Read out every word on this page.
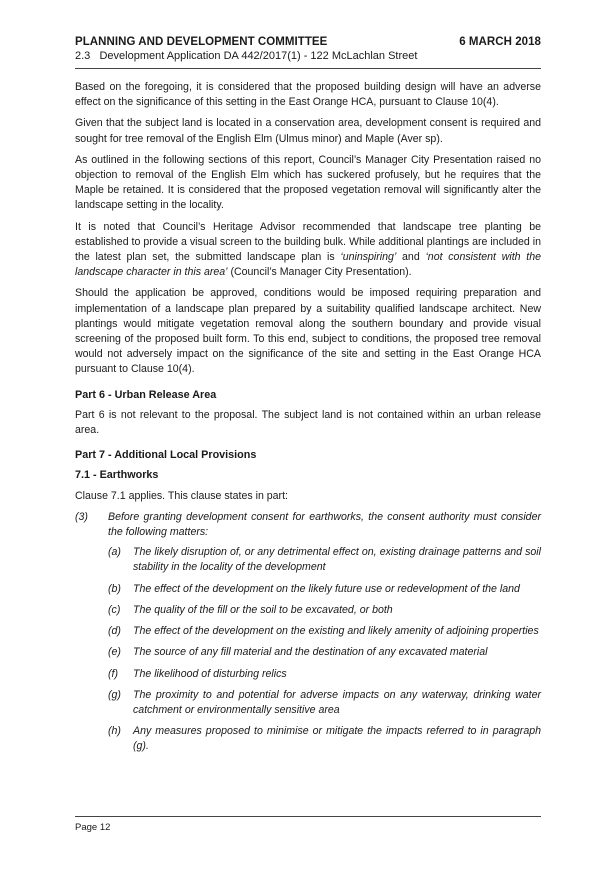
PLANNING AND DEVELOPMENT COMMITTEE	6 MARCH 2018
2.3   Development Application DA 442/2017(1) - 122 McLachlan Street

Based on the foregoing, it is considered that the proposed building design will have an adverse effect on the significance of this setting in the East Orange HCA, pursuant to Clause 10(4).

Given that the subject land is located in a conservation area, development consent is required and sought for tree removal of the English Elm (Ulmus minor) and Maple (Aver sp).

As outlined in the following sections of this report, Council’s Manager City Presentation raised no objection to removal of the English Elm which has suckered profusely, but he requires that the Maple be retained. It is considered that the proposed vegetation removal will significantly alter the landscape setting in the locality.

It is noted that Council’s Heritage Advisor recommended that landscape tree planting be established to provide a visual screen to the building bulk. While additional plantings are included in the latest plan set, the submitted landscape plan is ‘uninspiring’ and ‘not consistent with the landscape character in this area’ (Council’s Manager City Presentation).

Should the application be approved, conditions would be imposed requiring preparation and implementation of a landscape plan prepared by a suitability qualified landscape architect. New plantings would mitigate vegetation removal along the southern boundary and provide visual screening of the proposed built form. To this end, subject to conditions, the proposed tree removal would not adversely impact on the significance of the site and setting in the East Orange HCA pursuant to Clause 10(4).

Part 6 - Urban Release Area

Part 6 is not relevant to the proposal. The subject land is not contained within an urban release area.

Part 7 - Additional Local Provisions
7.1 - Earthworks

Clause 7.1 applies. This clause states in part:

(3)	Before granting development consent for earthworks, the consent authority must consider the following matters:
(a)	The likely disruption of, or any detrimental effect on, existing drainage patterns and soil stability in the locality of the development
(b)	The effect of the development on the likely future use or redevelopment of the land
(c)	The quality of the fill or the soil to be excavated, or both
(d)	The effect of the development on the existing and likely amenity of adjoining properties
(e)	The source of any fill material and the destination of any excavated material
(f)	The likelihood of disturbing relics
(g)	The proximity to and potential for adverse impacts on any waterway, drinking water catchment or environmentally sensitive area
(h)	Any measures proposed to minimise or mitigate the impacts referred to in paragraph (g).
Page 12
